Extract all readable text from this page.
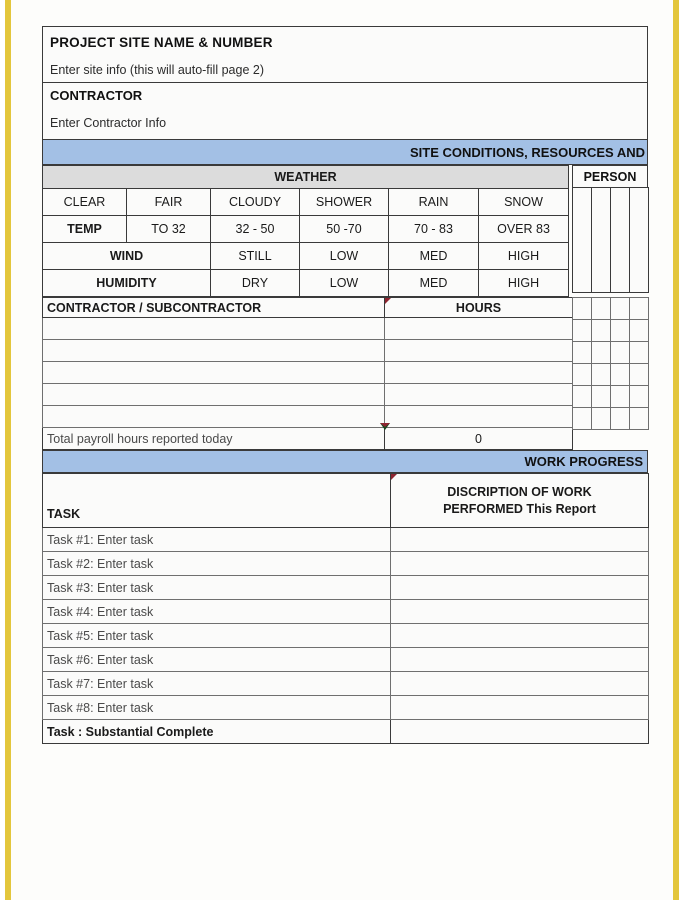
PROJECT SITE NAME & NUMBER
Enter site info (this will auto-fill page 2)
CONTRACTOR
Enter Contractor Info
SITE CONDITIONS, RESOURCES AND
WEATHER					
CLEAR	FAIR	CLOUDY	SHOWER	RAIN	SNOW
TEMP	TO 32	32 - 50	50 -70	70 - 83	OVER 83
WIND		STILL	LOW	MED	HIGH
HUMIDITY		DRY	LOW	MED	HIGH
PERSON

CONTRACTOR / SUBCONTRACTOR	HOURS

Total payroll hours reported today	0

WORK PROGRESS
TASK	DISCRIPTION OF WORK
PERFORMED This Report
Task #1: Enter task	
Task #2: Enter task	
Task #3: Enter task	
Task #4: Enter task	
Task #5: Enter task	
Task #6: Enter task	
Task #7: Enter task	
Task #8: Enter task	
Task : Substantial Complete	
